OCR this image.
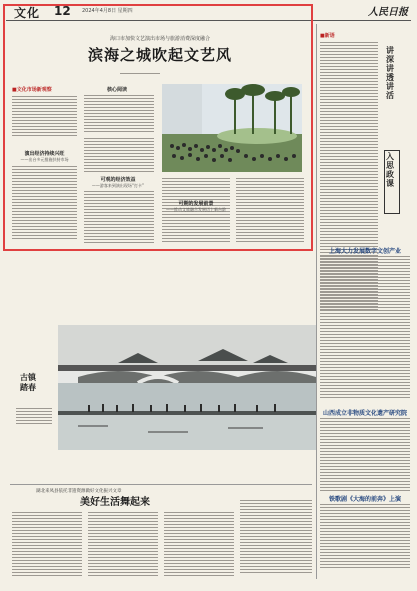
文化 12 2024年4月8日 星期四	人民日报
海口市加快文艺演出市场与旅游消费深度融合
滨海之城吹起文艺风
■文化市场新观察
演出经济持续兴旺
——出台多元措施扶持市场
核心阅读
可观的经济效益
——游客来到演出现场“打卡”
可期的发展前景
——推动文旅融合发展迈上新台阶
■新语
讲深 讲透 讲活
入 思 政 课
上海大力发展数字文创产业
山西成立非物质文化遗产研究院
铁歌剧《大海的前奔》上演
古镇踏春
湖北来凤县依托非遗资源做好文化振兴文章
美好生活舞起来
